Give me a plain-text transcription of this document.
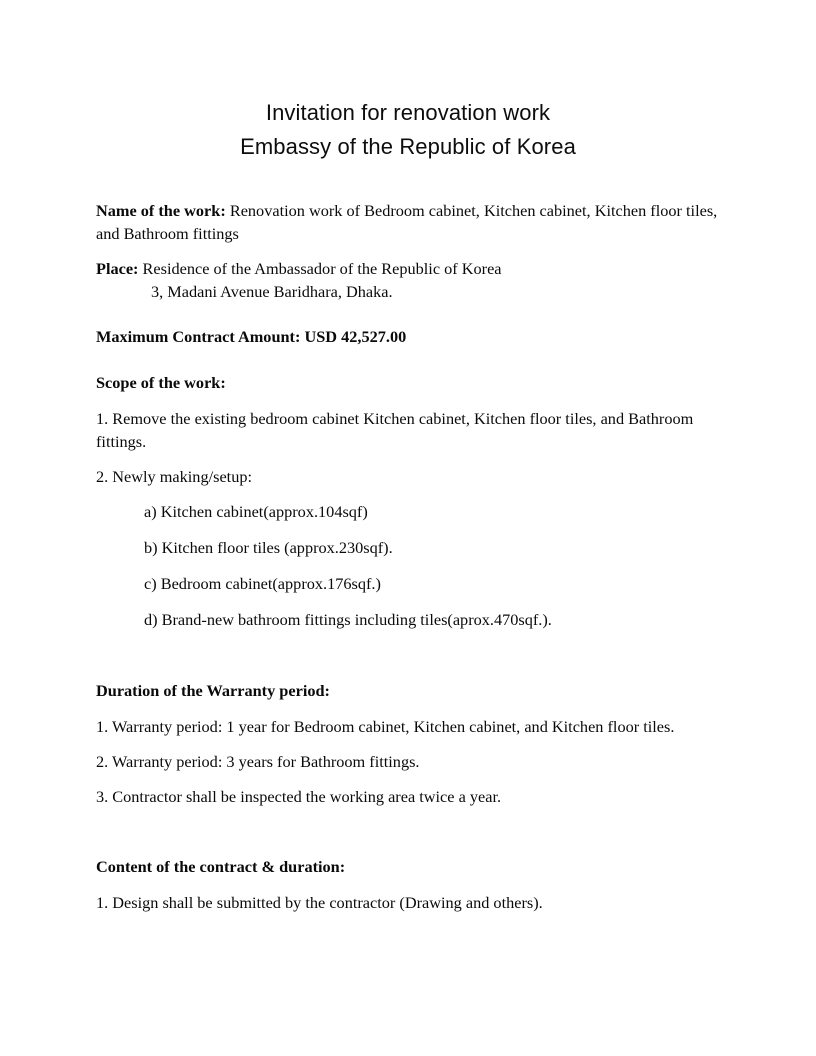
Invitation for renovation work
Embassy of the Republic of Korea

Name of the work: Renovation work of Bedroom cabinet, Kitchen cabinet, Kitchen floor tiles, and Bathroom fittings

Place: Residence of the Ambassador of the Republic of Korea
3, Madani Avenue Baridhara, Dhaka.

Maximum Contract Amount: USD 42,527.00

Scope of the work:

1. Remove the existing bedroom cabinet Kitchen cabinet, Kitchen floor tiles, and Bathroom fittings.

2. Newly making/setup:

a) Kitchen cabinet(approx.104sqf)

b) Kitchen floor tiles (approx.230sqf).

c) Bedroom cabinet(approx.176sqf.)

d) Brand-new bathroom fittings including tiles(aprox.470sqf.).

Duration of the Warranty period:

1. Warranty period: 1 year for Bedroom cabinet, Kitchen cabinet, and Kitchen floor tiles.

2. Warranty period: 3 years for Bathroom fittings.

3. Contractor shall be inspected the working area twice a year.

Content of the contract & duration:

1. Design shall be submitted by the contractor (Drawing and others).
